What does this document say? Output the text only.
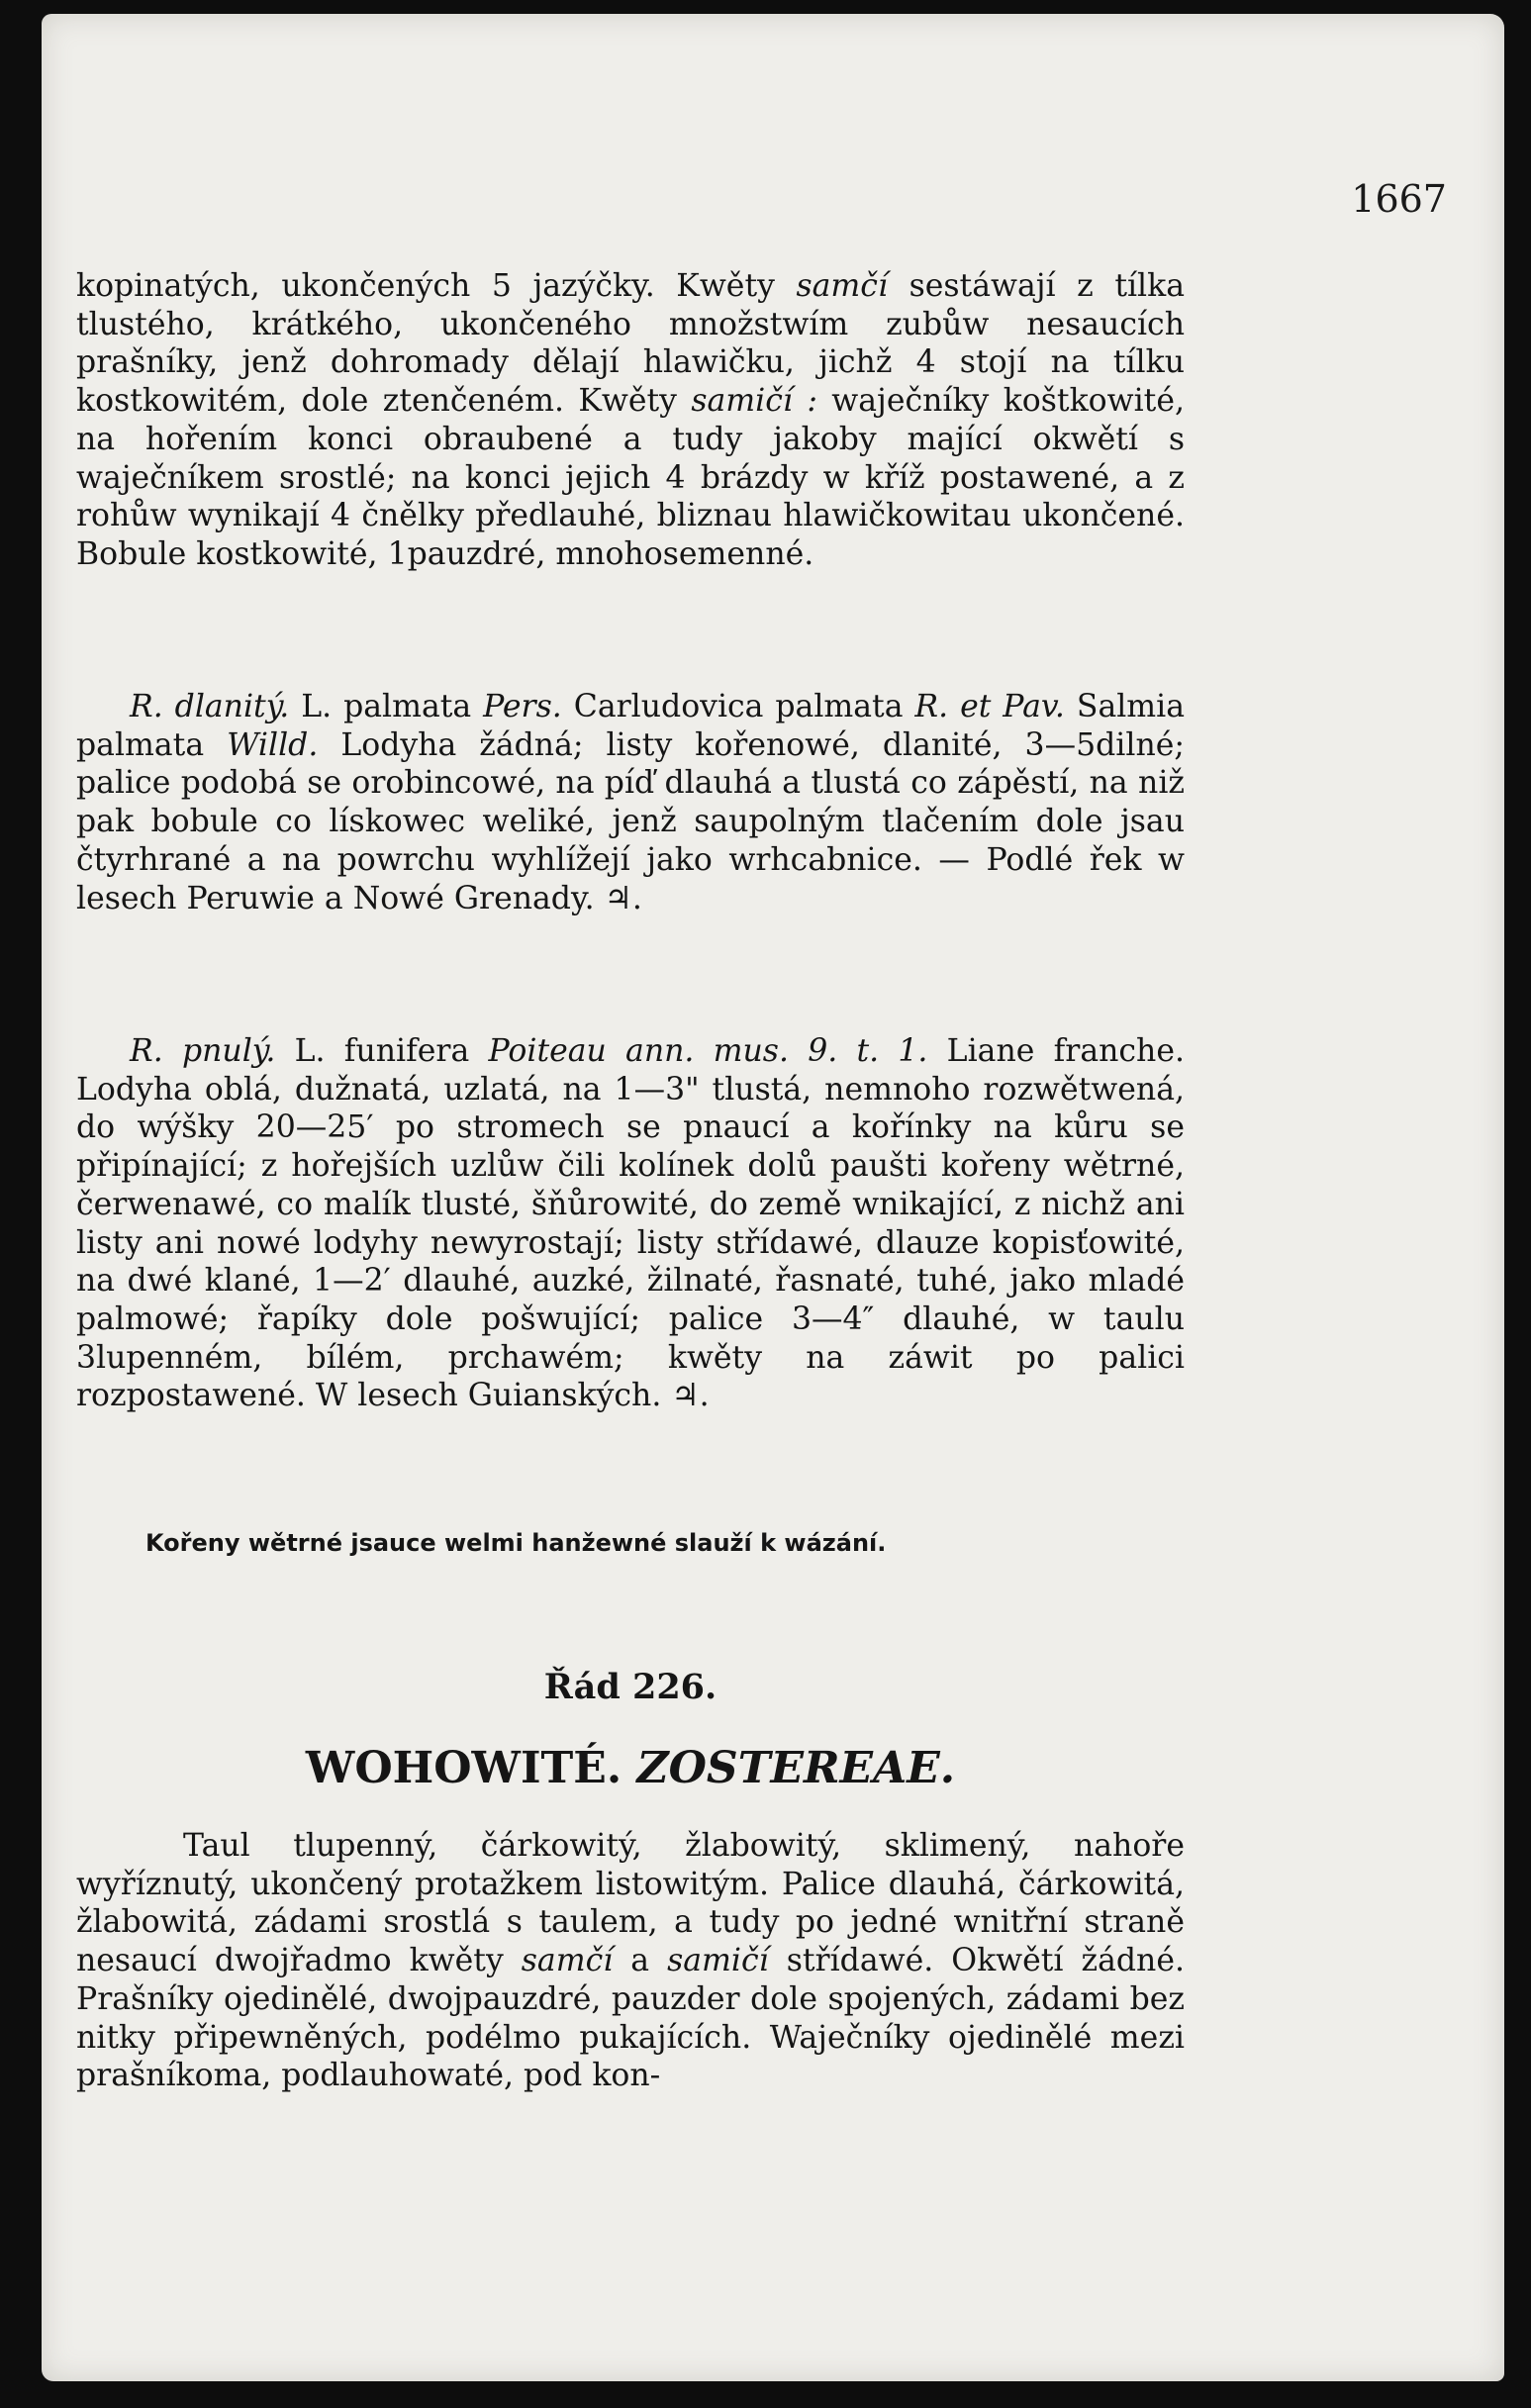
1667

kopinatých, ukončených 5 jazýčky. Kwěty samčí sestáwají z tílka tlustého, krátkého, ukončeného množstwím zubůw nesaucích prašníky, jenž dohromady dělají hlawičku, jichž 4 stojí na tílku kostkowitém, dole ztenčeném. Kwěty samičí : waječníky koštkowité, na hořením konci obraubené a tudy jakoby mající okwětí s waječníkem srostlé; na konci jejich 4 brázdy w kříž postawené, a z rohůw wynikají 4 čnělky předlauhé, bliznau hlawičkowitau ukončené. Bobule kostkowité, 1pauzdré, mnohosemenné.

R. dlanitý. L. palmata Pers. Carludovica palmata R. et Pav. Salmia palmata Willd. Lodyha žádná; listy kořenowé, dlanité, 3—5dilné; palice podobá se orobincowé, na píď dlauhá a tlustá co zápěstí, na niž pak bobule co lískowec weliké, jenž saupolným tlačením dole jsau čtyrhrané a na powrchu wyhlížejí jako wrhcabnice. — Podlé řek w lesech Peruwie a Nowé Grenady. ♃.

R. pnulý. L. funifera Poiteau ann. mus. 9. t. 1. Liane franche. Lodyha oblá, dužnatá, uzlatá, na 1—3" tlustá, nemnoho rozwětwená, do wýšky 20—25′ po stromech se pnaucí a kořínky na kůru se připínající; z hořejších uzlůw čili kolínek dolů paušti kořeny wětrné, čerwenawé, co malík tlusté, šňůrowité, do země wnikající, z nichž ani listy ani nowé lodyhy newyrostají; listy střídawé, dlauze kopisťowité, na dwé klané, 1—2′ dlauhé, auzké, žilnaté, řasnaté, tuhé, jako mladé palmowé; řapíky dole pošwující; palice 3—4″ dlauhé, w taulu 3lupenném, bílém, prchawém; kwěty na záwit po palici rozpostawené. W lesech Guianských. ♃.

Kořeny wětrné jsauce welmi hanžewné slauží k wázání.

Řád 226.

WOHOWITÉ. ZOSTEREAE.

Taul tlupenný, čárkowitý, žlabowitý, sklimený, nahoře wyříznutý, ukončený protažkem listowitým. Palice dlauhá, čárkowitá, žlabowitá, zádami srostlá s taulem, a tudy po jedné wnitřní straně nesaucí dwojřadmo kwěty samčí a samičí střídawé. Okwětí žádné. Prašníky ojedinělé, dwojpauzdré, pauzder dole spojených, zádami bez nitky připewněných, podélmo pukajících. Waječníky ojedinělé mezi prašníkoma, podlauhowaté, pod kon-
